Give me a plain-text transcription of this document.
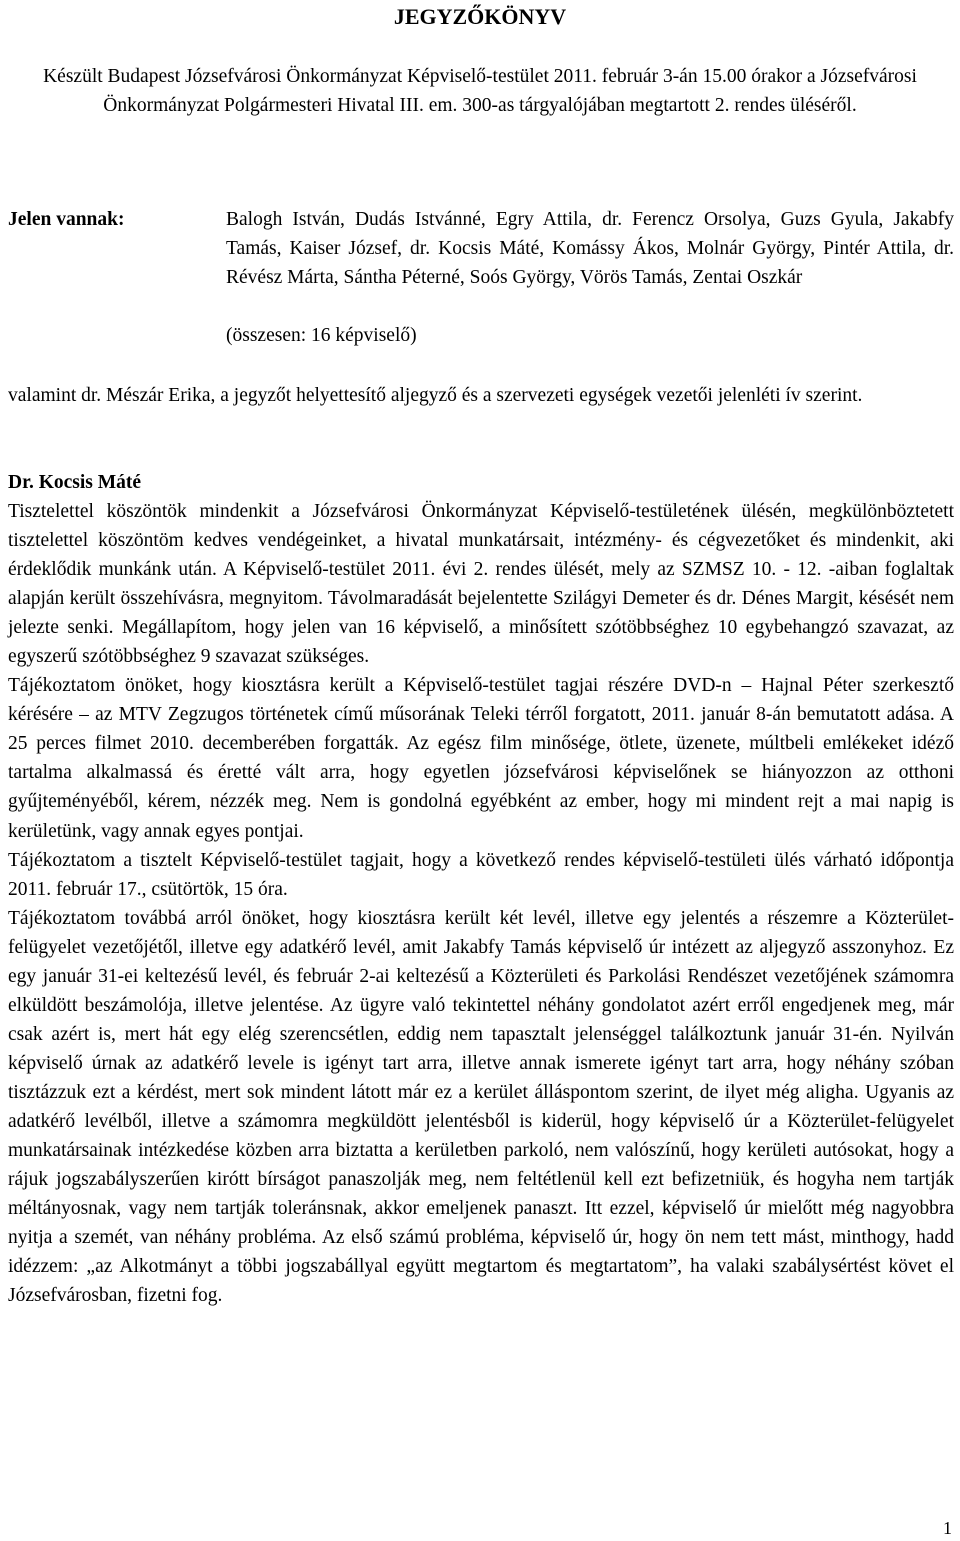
JEGYZŐKÖNYV
Készült Budapest Józsefvárosi Önkormányzat Képviselő-testület 2011. február 3-án 15.00 órakor a Józsefvárosi Önkormányzat Polgármesteri Hivatal III. em. 300-as tárgyalójában megtartott 2. rendes üléséről.
Jelen vannak:	Balogh István, Dudás Istvánné, Egry Attila, dr. Ferencz Orsolya, Guzs Gyula, Jakabfy Tamás, Kaiser József, dr. Kocsis Máté, Komássy Ákos, Molnár György, Pintér Attila, dr. Révész Márta, Sántha Péterné, Soós György, Vörös Tamás, Zentai Oszkár
(összesen: 16 képviselő)
valamint dr. Mészár Erika, a jegyzőt helyettesítő aljegyző és a szervezeti egységek vezetői jelenléti ív szerint.
Dr. Kocsis Máté

Tisztelettel köszöntök mindenkit a Józsefvárosi Önkormányzat Képviselő-testületének ülésén, megkülönböztetett tisztelettel köszöntöm kedves vendégeinket, a hivatal munkatársait, intézmény- és cégvezetőket és mindenkit, aki érdeklődik munkánk után. A Képviselő-testület 2011. évi 2. rendes ülését, mely az SZMSZ 10. - 12. -aiban foglaltak alapján került összehívásra, megnyitom. Távolmaradását bejelentette Szilágyi Demeter és dr. Dénes Margit, késését nem jelezte senki. Megállapítom, hogy jelen van 16 képviselő, a minősített szótöbbséghez 10 egybehangzó szavazat, az egyszerű szótöbbséghez 9 szavazat szükséges.

Tájékoztatom önöket, hogy kiosztásra került a Képviselő-testület tagjai részére DVD-n – Hajnal Péter szerkesztő kérésére – az MTV Zegzugos történetek című műsorának Teleki térről forgatott, 2011. január 8-án bemutatott adása. A 25 perces filmet 2010. decemberében forgatták. Az egész film minősége, ötlete, üzenete, múltbeli emlékeket idéző tartalma alkalmassá és éretté vált arra, hogy egyetlen józsefvárosi képviselőnek se hiányozzon az otthoni gyűjteményéből, kérem, nézzék meg. Nem is gondolná egyébként az ember, hogy mi mindent rejt a mai napig is kerületünk, vagy annak egyes pontjai.

Tájékoztatom a tisztelt Képviselő-testület tagjait, hogy a következő rendes képviselő-testületi ülés várható időpontja 2011. február 17., csütörtök, 15 óra.

Tájékoztatom továbbá arról önöket, hogy kiosztásra került két levél, illetve egy jelentés a részemre a Közterület-felügyelet vezetőjétől, illetve egy adatkérő levél, amit Jakabfy Tamás képviselő úr intézett az aljegyző asszonyhoz. Ez egy január 31-ei keltezésű levél, és február 2-ai keltezésű a Közterületi és Parkolási Rendészet vezetőjének számomra elküldött beszámolója, illetve jelentése. Az ügyre való tekintettel néhány gondolatot azért erről engedjenek meg, már csak azért is, mert hát egy elég szerencsétlen, eddig nem tapasztalt jelenséggel találkoztunk január 31-én. Nyilván képviselő úrnak az adatkérő levele is igényt tart arra, illetve annak ismerete igényt tart arra, hogy néhány szóban tisztázzuk ezt a kérdést, mert sok mindent látott már ez a kerület álláspontom szerint, de ilyet még aligha. Ugyanis az adatkérő levélből, illetve a számomra megküldött jelentésből is kiderül, hogy képviselő úr a Közterület-felügyelet munkatársainak intézkedése közben arra biztatta a kerületben parkoló, nem valószínű, hogy kerületi autósokat, hogy a rájuk jogszabályszerűen kirótt bírságot panaszolják meg, nem feltétlenül kell ezt befizetniük, és hogyha nem tartják méltányosnak, vagy nem tartják toleránsnak, akkor emeljenek panaszt. Itt ezzel, képviselő úr mielőtt még nagyobbra nyitja a szemét, van néhány probléma. Az első számú probléma, képviselő úr, hogy ön nem tett mást, minthogy, hadd idézzem: „az Alkotmányt a többi jogszabállyal együtt megtartom és megtartatom”, ha valaki szabálysértést követ el Józsefvárosban, fizetni fog.

1
